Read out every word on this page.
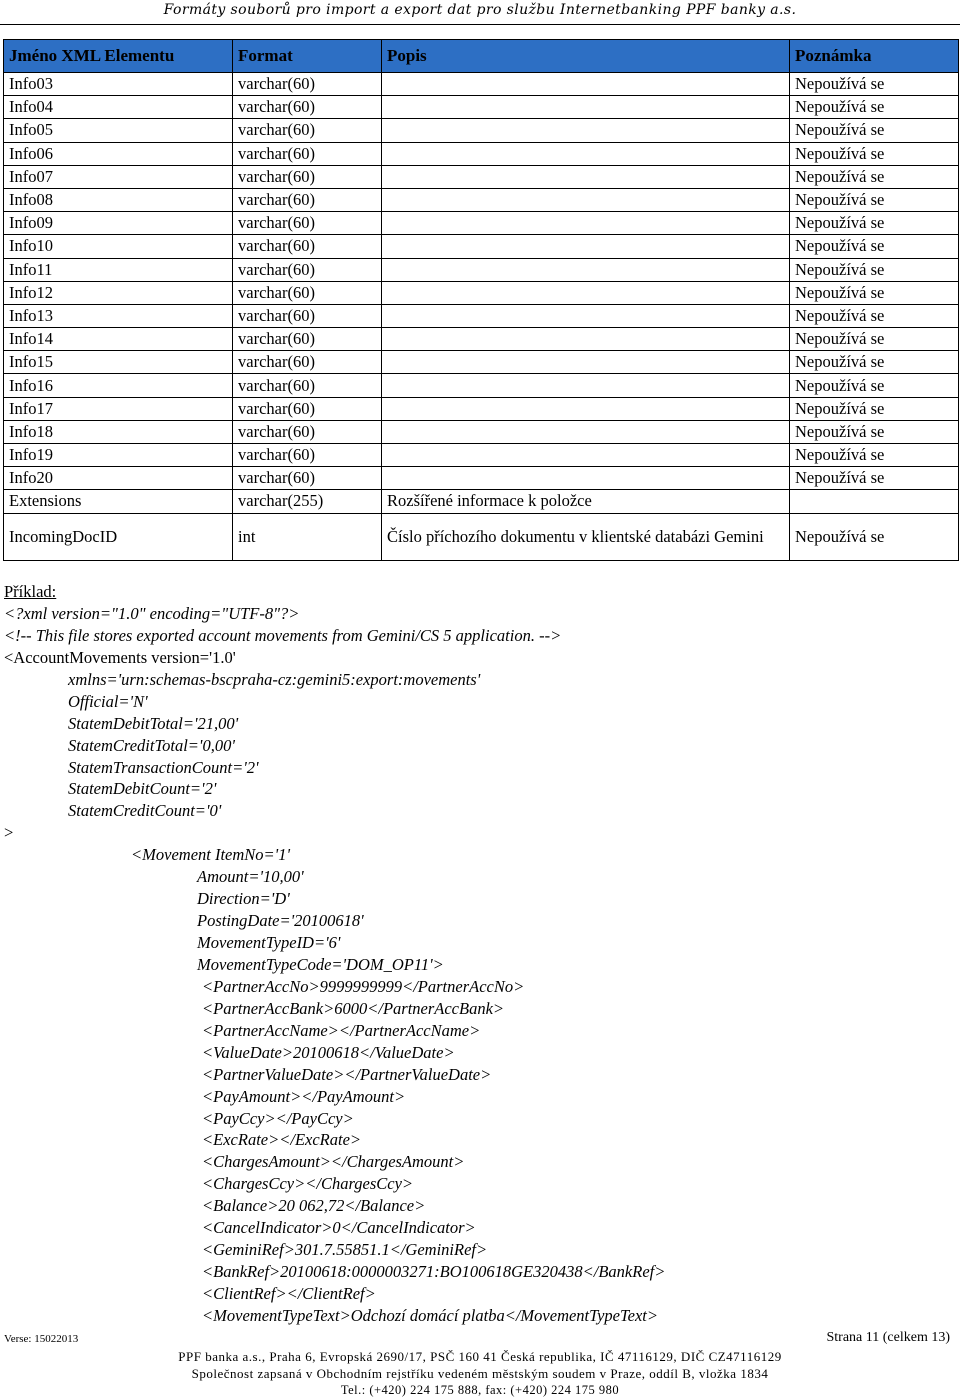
Formáty souborů pro import a export dat pro službu Internetbanking PPF banky a.s.
Jméno XML Elementu	Format	Popis	Poznámka
Info03	varchar(60)		Nepoužívá se
Info04	varchar(60)		Nepoužívá se
Info05	varchar(60)		Nepoužívá se
Info06	varchar(60)		Nepoužívá se
Info07	varchar(60)		Nepoužívá se
Info08	varchar(60)		Nepoužívá se
Info09	varchar(60)		Nepoužívá se
Info10	varchar(60)		Nepoužívá se
Info11	varchar(60)		Nepoužívá se
Info12	varchar(60)		Nepoužívá se
Info13	varchar(60)		Nepoužívá se
Info14	varchar(60)		Nepoužívá se
Info15	varchar(60)		Nepoužívá se
Info16	varchar(60)		Nepoužívá se
Info17	varchar(60)		Nepoužívá se
Info18	varchar(60)		Nepoužívá se
Info19	varchar(60)		Nepoužívá se
Info20	varchar(60)		Nepoužívá se
Extensions	varchar(255)	Rozšířené informace k položce	
IncomingDocID	int	Číslo příchozího dokumentu v klientské databázi Gemini	Nepoužívá se
Příklad:
<?xml version="1.0" encoding="UTF-8"?>
<!-- This file stores exported account movements from Gemini/CS 5 application. -->
<AccountMovements version='1.0'
xmlns='urn:schemas-bscpraha-cz:gemini5:export:movements'
Official='N'
StatemDebitTotal='21,00'
StatemCreditTotal='0,00'
StatemTransactionCount='2'
StatemDebitCount='2'
StatemCreditCount='0'
>
<Movement ItemNo='1'
Amount='10,00'
Direction='D'
PostingDate='20100618'
MovementTypeID='6'
MovementTypeCode='DOM_OP11'>
<PartnerAccNo>9999999999</PartnerAccNo>
<PartnerAccBank>6000</PartnerAccBank>
<PartnerAccName></PartnerAccName>
<ValueDate>20100618</ValueDate>
<PartnerValueDate></PartnerValueDate>
<PayAmount></PayAmount>
<PayCcy></PayCcy>
<ExcRate></ExcRate>
<ChargesAmount></ChargesAmount>
<ChargesCcy></ChargesCcy>
<Balance>20 062,72</Balance>
<CancelIndicator>0</CancelIndicator>
<GeminiRef>301.7.55851.1</GeminiRef>
<BankRef>20100618:0000003271:BO100618GE320438</BankRef>
<ClientRef></ClientRef>
<MovementTypeText>Odchozí domácí platba</MovementTypeText>
Verse: 15022013	Strana 11 (celkem 13)
PPF banka a.s., Praha 6, Evropská 2690/17, PSČ 160 41 Česká republika, IČ 47116129, DIČ CZ47116129
Společnost zapsaná v Obchodním rejstříku vedeném městským soudem v Praze, oddíl B, vložka 1834
Tel.: (+420) 224 175 888, fax: (+420) 224 175 980
